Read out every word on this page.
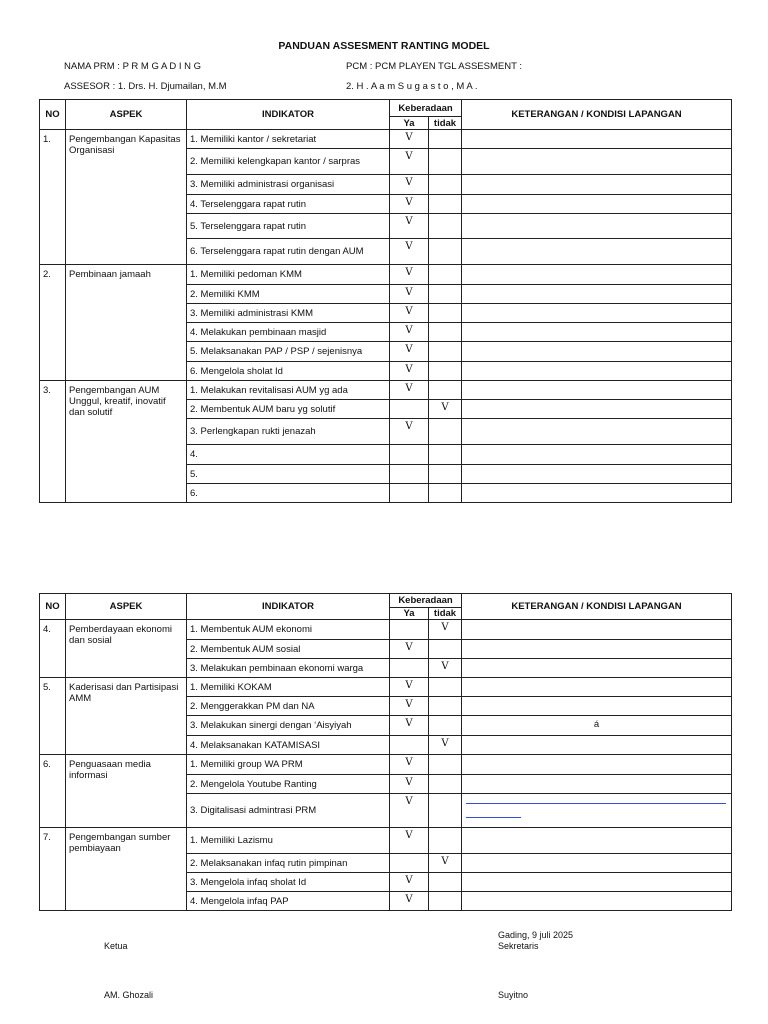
PANDUAN ASSESMENT RANTING MODEL
NAMA PRM : P R M G A D I N G	PCM : PCM PLAYEN TGL ASSESMENT :
ASSESOR : 1. Drs. H. Djumailan, M.M	2. H . A a m S u g a s t o , M A .
NO	ASPEK	INDIKATOR	Keberadaan		KETERANGAN / KONDISI LAPANGAN
			Ya	tidak	
1.	Pengembangan Kapasitas Organisasi	1. Memiliki kantor / sekretariat	V		
		2. Memiliki kelengkapan kantor / sarpras	V		
		3. Memiliki administrasi organisasi	V		
		4. Terselenggara rapat rutin	V		
		5. Terselenggara rapat rutin	V		
		6. Terselenggara rapat rutin dengan AUM	V		
2.	Pembinaan jamaah	1. Memiliki pedoman KMM	V		
		2. Memiliki KMM	V		
		3. Memiliki administrasi KMM	V		
		4. Melakukan pembinaan masjid	V		
		5. Melaksanakan PAP / PSP / sejenisnya	V		
		6. Mengelola sholat Id	V		
3.	Pengembangan AUM Unggul, kreatif, inovatif dan solutif	1. Melakukan revitalisasi AUM yg ada	V		
		2. Membentuk AUM baru yg solutif		V	
		3. Perlengkapan rukti jenazah	V		
		4.			
		5.			
		6.			
NO	ASPEK	INDIKATOR	Keberadaan		KETERANGAN / KONDISI LAPANGAN
			Ya	tidak	
4.	Pemberdayaan ekonomi dan sosial	1. Membentuk AUM ekonomi		V	
		2. Membentuk AUM sosial	V		
		3. Melakukan pembinaan ekonomi warga		V	
5.	Kaderisasi dan Partisipasi AMM	1. Memiliki KOKAM	V		
		2. Menggerakkan PM dan NA	V		
		3. Melakukan sinergi dengan ‘Aisyiyah	V		á
		4. Melaksanakan KATAMISASI		V	
6.	Penguasaan media informasi	1. Memiliki group WA PRM	V		
		2. Mengelola Youtube Ranting	V		
		3. Digitalisasi admintrasi PRM	V		
7.	Pengembangan sumber pembiayaan	1. Memiliki Lazismu	V		
		2. Melaksanakan infaq rutin pimpinan		V	
		3. Mengelola infaq sholat Id	V		
		4. Mengelola infaq PAP	V		
Gading, 9 juli 2025
Ketua	Sekretaris
AM. Ghozali	Suyitno
